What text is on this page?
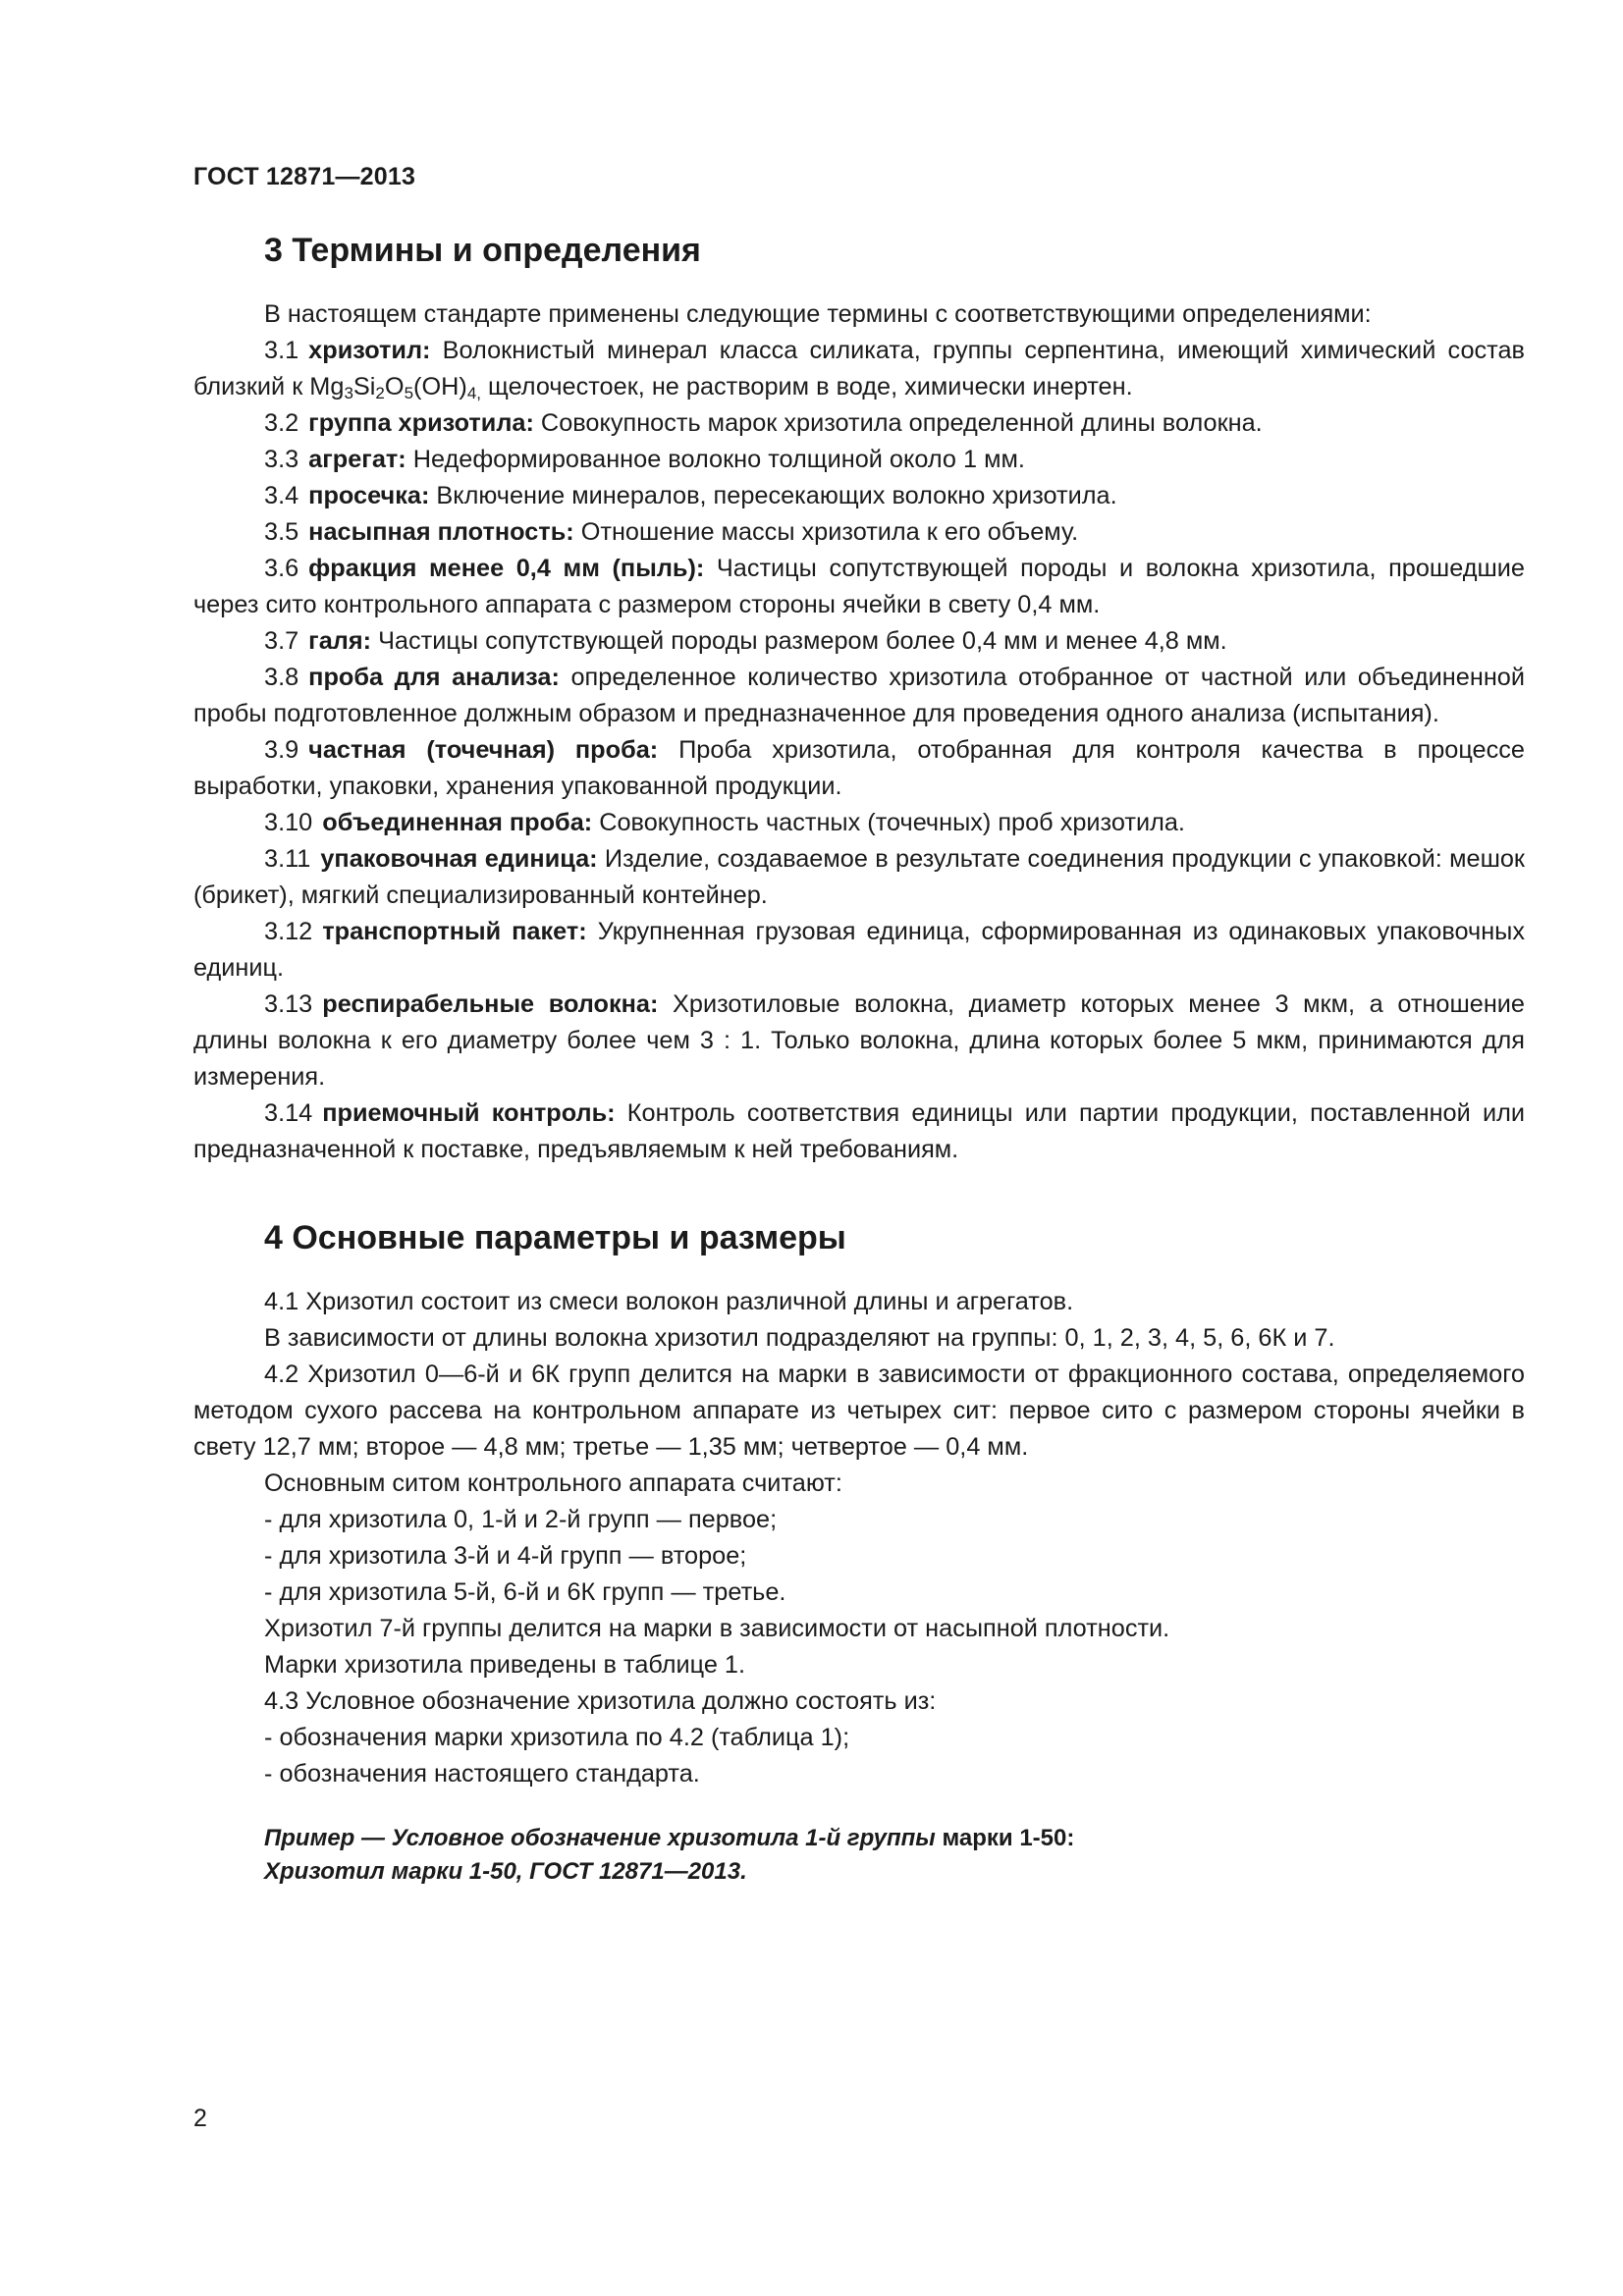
ГОСТ 12871—2013
3 Термины и определения

В настоящем стандарте применены следующие термины с соответствующими определениями:

3.1 хризотил: Волокнистый минерал класса силиката, группы серпентина, имеющий химический состав близкий к $Mg_3Si_2O_5(OH)_{4,}$ щелочестоек, не растворим в воде, химически инертен.

3.2 группа хризотила: Совокупность марок хризотила определенной длины волокна.

3.3 агрегат: Недеформированное волокно толщиной около 1 мм.

3.4 просечка: Включение минералов, пересекающих волокно хризотила.

3.5 насыпная плотность: Отношение массы хризотила к его объему.

3.6 фракция менее 0,4 мм (пыль): Частицы сопутствующей породы и волокна хризотила, прошедшие через сито контрольного аппарата с размером стороны ячейки в свету 0,4 мм.

3.7 галя: Частицы сопутствующей породы размером более 0,4 мм и менее 4,8 мм.

3.8 проба для анализа: определенное количество хризотила отобранное от частной или объединенной пробы подготовленное должным образом и предназначенное для проведения одного анализа (испытания).

3.9 частная (точечная) проба: Проба хризотила, отобранная для контроля качества в процессе выработки, упаковки, хранения упакованной продукции.

3.10 объединенная проба: Совокупность частных (точечных) проб хризотила.

3.11 упаковочная единица: Изделие, создаваемое в результате соединения продукции с упаковкой: мешок (брикет), мягкий специализированный контейнер.

3.12 транспортный пакет: Укрупненная грузовая единица, сформированная из одинаковых упаковочных единиц.

3.13 респирабельные волокна: Хризотиловые волокна, диаметр которых менее 3 мкм, а отношение длины волокна к его диаметру более чем 3 : 1. Только волокна, длина которых более 5 мкм, принимаются для измерения.

3.14 приемочный контроль: Контроль соответствия единицы или партии продукции, поставленной или предназначенной к поставке, предъявляемым к ней требованиям.

4 Основные параметры и размеры

4.1 Хризотил состоит из смеси волокон различной длины и агрегатов.

В зависимости от длины волокна хризотил подразделяют на группы: 0, 1, 2, 3, 4, 5, 6, 6К и 7.

4.2 Хризотил 0—6-й и 6К групп делится на марки в зависимости от фракционного состава, определяемого методом сухого рассева на контрольном аппарате из четырех сит: первое сито с размером стороны ячейки в свету 12,7 мм; второе — 4,8 мм; третье — 1,35 мм; четвертое — 0,4 мм.

Основным ситом контрольного аппарата считают:

- для хризотила 0, 1-й и 2-й групп — первое;

- для хризотила 3-й и 4-й групп — второе;

- для хризотила 5-й, 6-й и 6К групп — третье.

Хризотил 7-й группы делится на марки в зависимости от насыпной плотности.

Марки хризотила приведены в таблице 1.

4.3 Условное обозначение хризотила должно состоять из:

- обозначения марки хризотила по 4.2 (таблица 1);

- обозначения настоящего стандарта.

Пример — Условное обозначение хризотила 1-й группы марки 1-50:
Хризотил марки 1-50, ГОСТ 12871—2013.
2
